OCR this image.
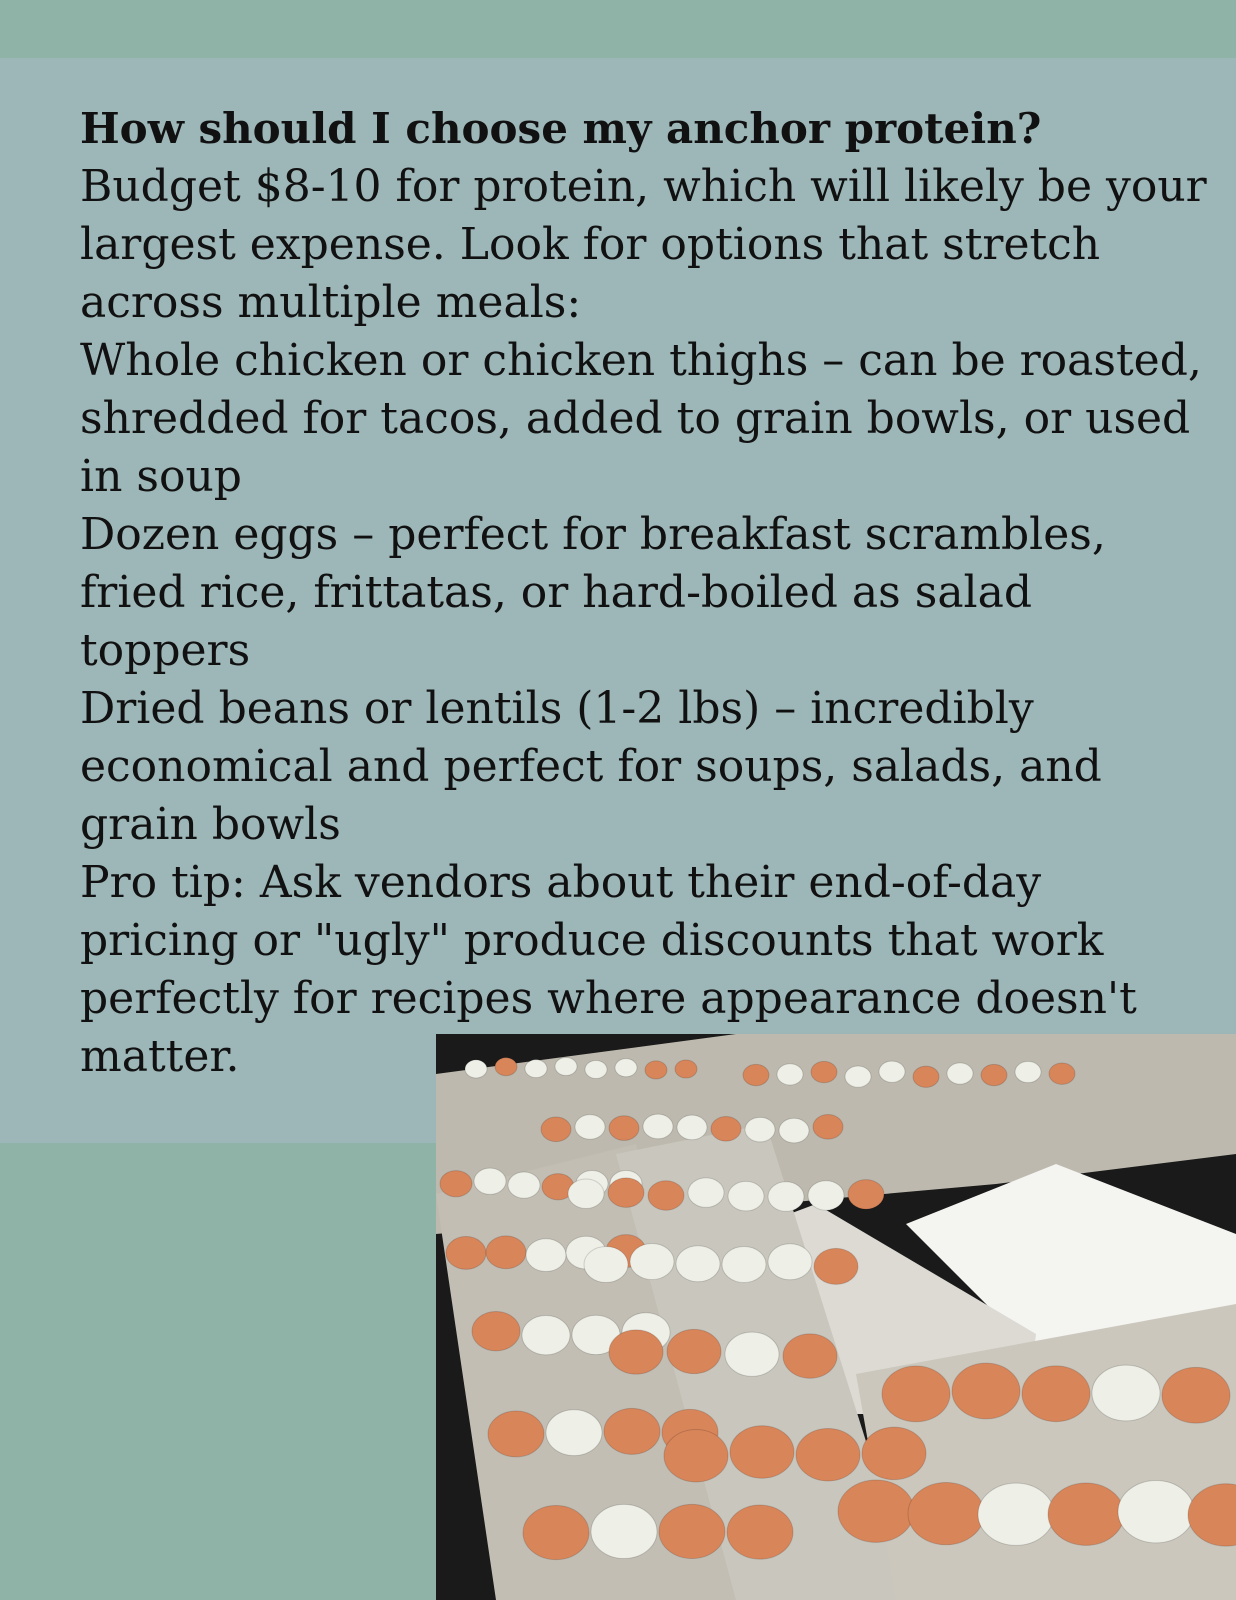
How should I choose my anchor protein?

Budget $8-10 for protein, which will likely be your largest expense. Look for options that stretch across multiple meals:

Whole chicken or chicken thighs – can be roasted, shredded for tacos, added to grain bowls, or used in soup

Dozen eggs – perfect for breakfast scrambles, fried rice, frittatas, or hard-boiled as salad toppers

Dried beans or lentils (1-2 lbs) – incredibly economical and perfect for soups, salads, and grain bowls

Pro tip: Ask vendors about their end-of-day pricing or "ugly" produce discounts that work perfectly for recipes where appearance doesn't matter.
